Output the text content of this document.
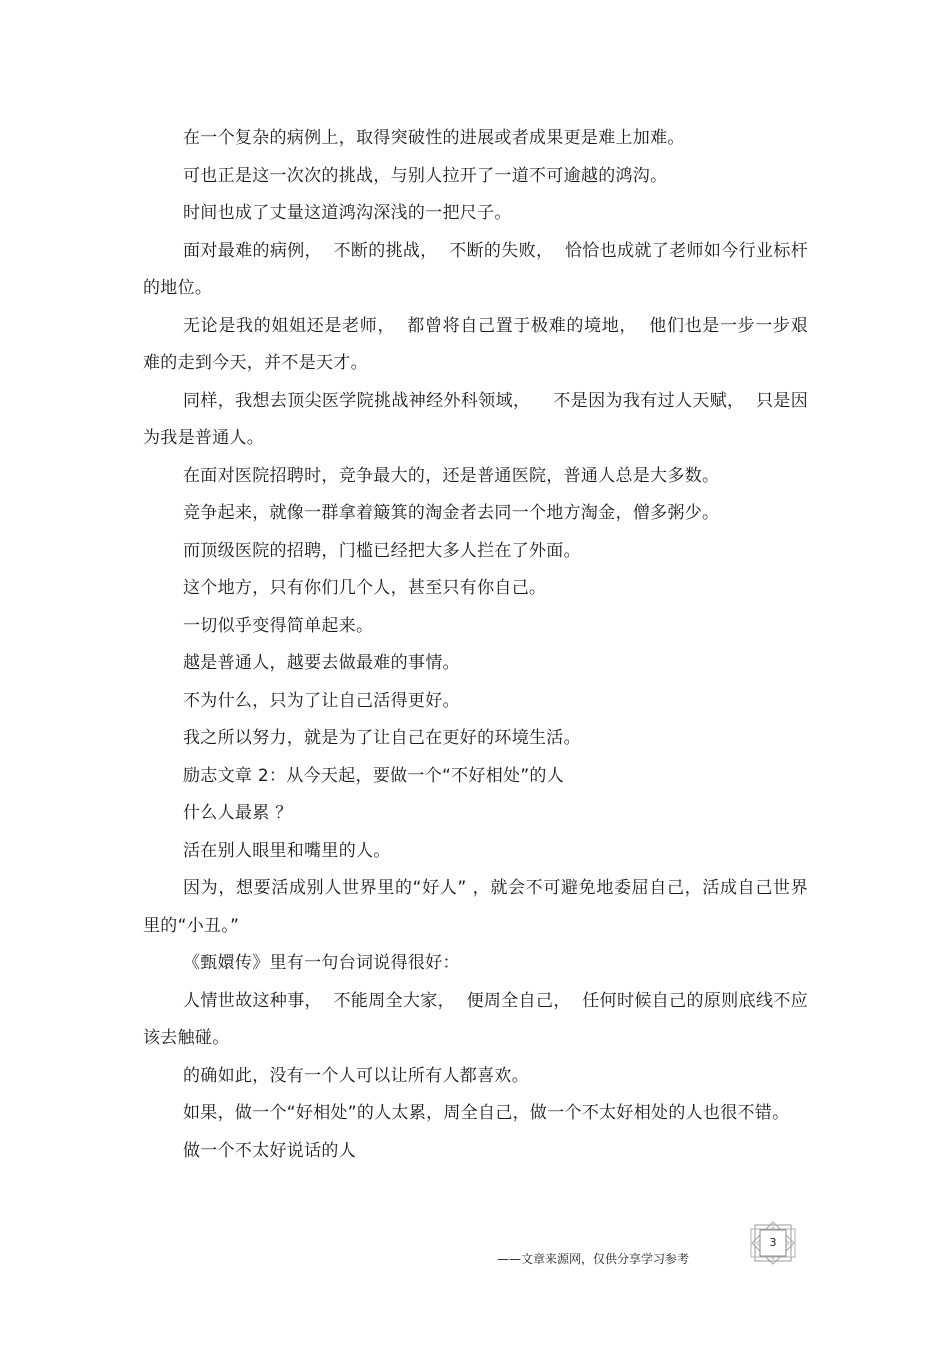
在一个复杂的病例上，取得突破性的进展或者成果更是难上加难。

可也正是这一次次的挑战，与别人拉开了一道不可逾越的鸿沟。

时间也成了丈量这道鸿沟深浅的一把尺子。

面对最难的病例，  不断的挑战，  不断的失败，  恰恰也成就了老师如今行业标杆的地位。

无论是我的姐姐还是老师，  都曾将自己置于极难的境地，  他们也是一步一步艰难的走到今天，并不是天才。

同样，我想去顶尖医学院挑战神经外科领域，    不是因为我有过人天赋，  只是因为我是普通人。

在面对医院招聘时，竞争最大的，还是普通医院，普通人总是大多数。

竞争起来，就像一群拿着簸箕的淘金者去同一个地方淘金，僧多粥少。

而顶级医院的招聘，门槛已经把大多人拦在了外面。

这个地方，只有你们几个人，甚至只有你自己。

一切似乎变得简单起来。

越是普通人，越要去做最难的事情。

不为什么，只为了让自己活得更好。

我之所以努力，就是为了让自己在更好的环境生活。

励志文章 2：从今天起，要做一个“不好相处”的人

什么人最累 ？

活在别人眼里和嘴里的人。

因为，想要活成别人世界里的“好人” ，就会不可避免地委屈自己，活成自己世界里的“小丑。”

《甄嬛传》里有一句台词说得很好：

人情世故这种事，  不能周全大家，  便周全自己，  任何时候自己的原则底线不应该去触碰。

的确如此，没有一个人可以让所有人都喜欢。

如果，做一个“好相处”的人太累，周全自己，做一个不太好相处的人也很不错。

做一个不太好说话的人

——文章来源网，仅供分享学习参考
3
